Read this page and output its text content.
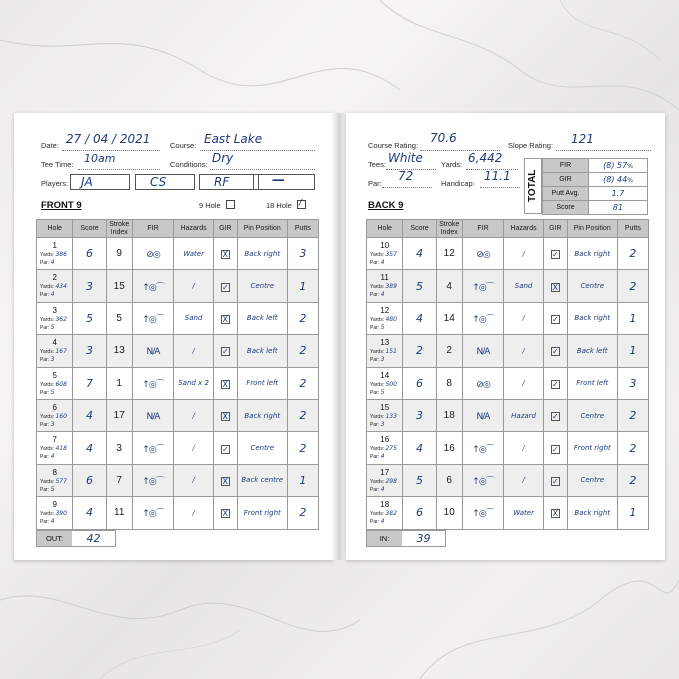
Date: 27 / 04 / 2021	Course: East Lake
Tee Time: 10am	Conditions: Dry
Players: JA	CS	RF	—
FRONT 9	9 Hole	18 Hole /
Hole	Score	Stroke Index	FIR	Hazards	GIR	Pin Position	Putts

1
Yards: 386
Par: 4	6	9	⊘◎	Water	X	Back right	3

2
Yards: 434
Par: 4	3	15	↑◎⌒	/	✓	Centre	1

3
Yards: 362
Par: 5	5	5	↑◎⌒	Sand	X	Back left	2

4
Yards: 167
Par: 3	3	13	N/A	/	✓	Back left	2

5
Yards: 608
Par: 5	7	1	↑◎⌒	Sand x 2	X	Front left	2

6
Yards: 160
Par: 3	4	17	N/A	/	X	Back right	2

7
Yards: 418
Par: 4	4	3	↑◎⌒	/	✓	Centre	2

8
Yards: 577
Par: 5	6	7	↑◎⌒	/	X	Back centre	1

9
Yards: 390
Par: 4	4	11	↑◎⌒	/	X	Front right	2
OUT:	42
Course Rating:
70.6
Slope Rating: 121
Tees: White Yards: 6,442
Par:
72
Handicap:
11.1	TOTAL
FIR	(8) 57%
GIR	(8) 44%
Putt Avg.	1.7
Score	81
BACK 9
Hole	Score	Stroke Index	FIR	Hazards	GIR	Pin Position	Putts

10
Yards: 357
Par: 4	4	12	⊘◎	/	✓	Back right	2

11
Yards: 389
Par: 4	5	4	↑◎⌒	Sand	X	Centre	2

12
Yards: 480
Par: 5	4	14	↑◎⌒	/	✓	Back right	1

13
Yards: 151
Par: 3	2	2	N/A	/	✓	Back left	1

14
Yards: 500
Par: 5	6	8	⊘◎	/	✓	Front left	3

15
Yards: 133
Par: 3	3	18	N/A	Hazard	✓	Centre	2

16
Yards: 275
Par: 4	4	16	↑◎⌒	/	✓	Front right	2

17
Yards: 298
Par: 4	5	6	↑◎⌒	/	✓	Centre	2

18
Yards: 382
Par: 4	6	10	↑◎⌒	Water	X	Back right	1
IN:	39
